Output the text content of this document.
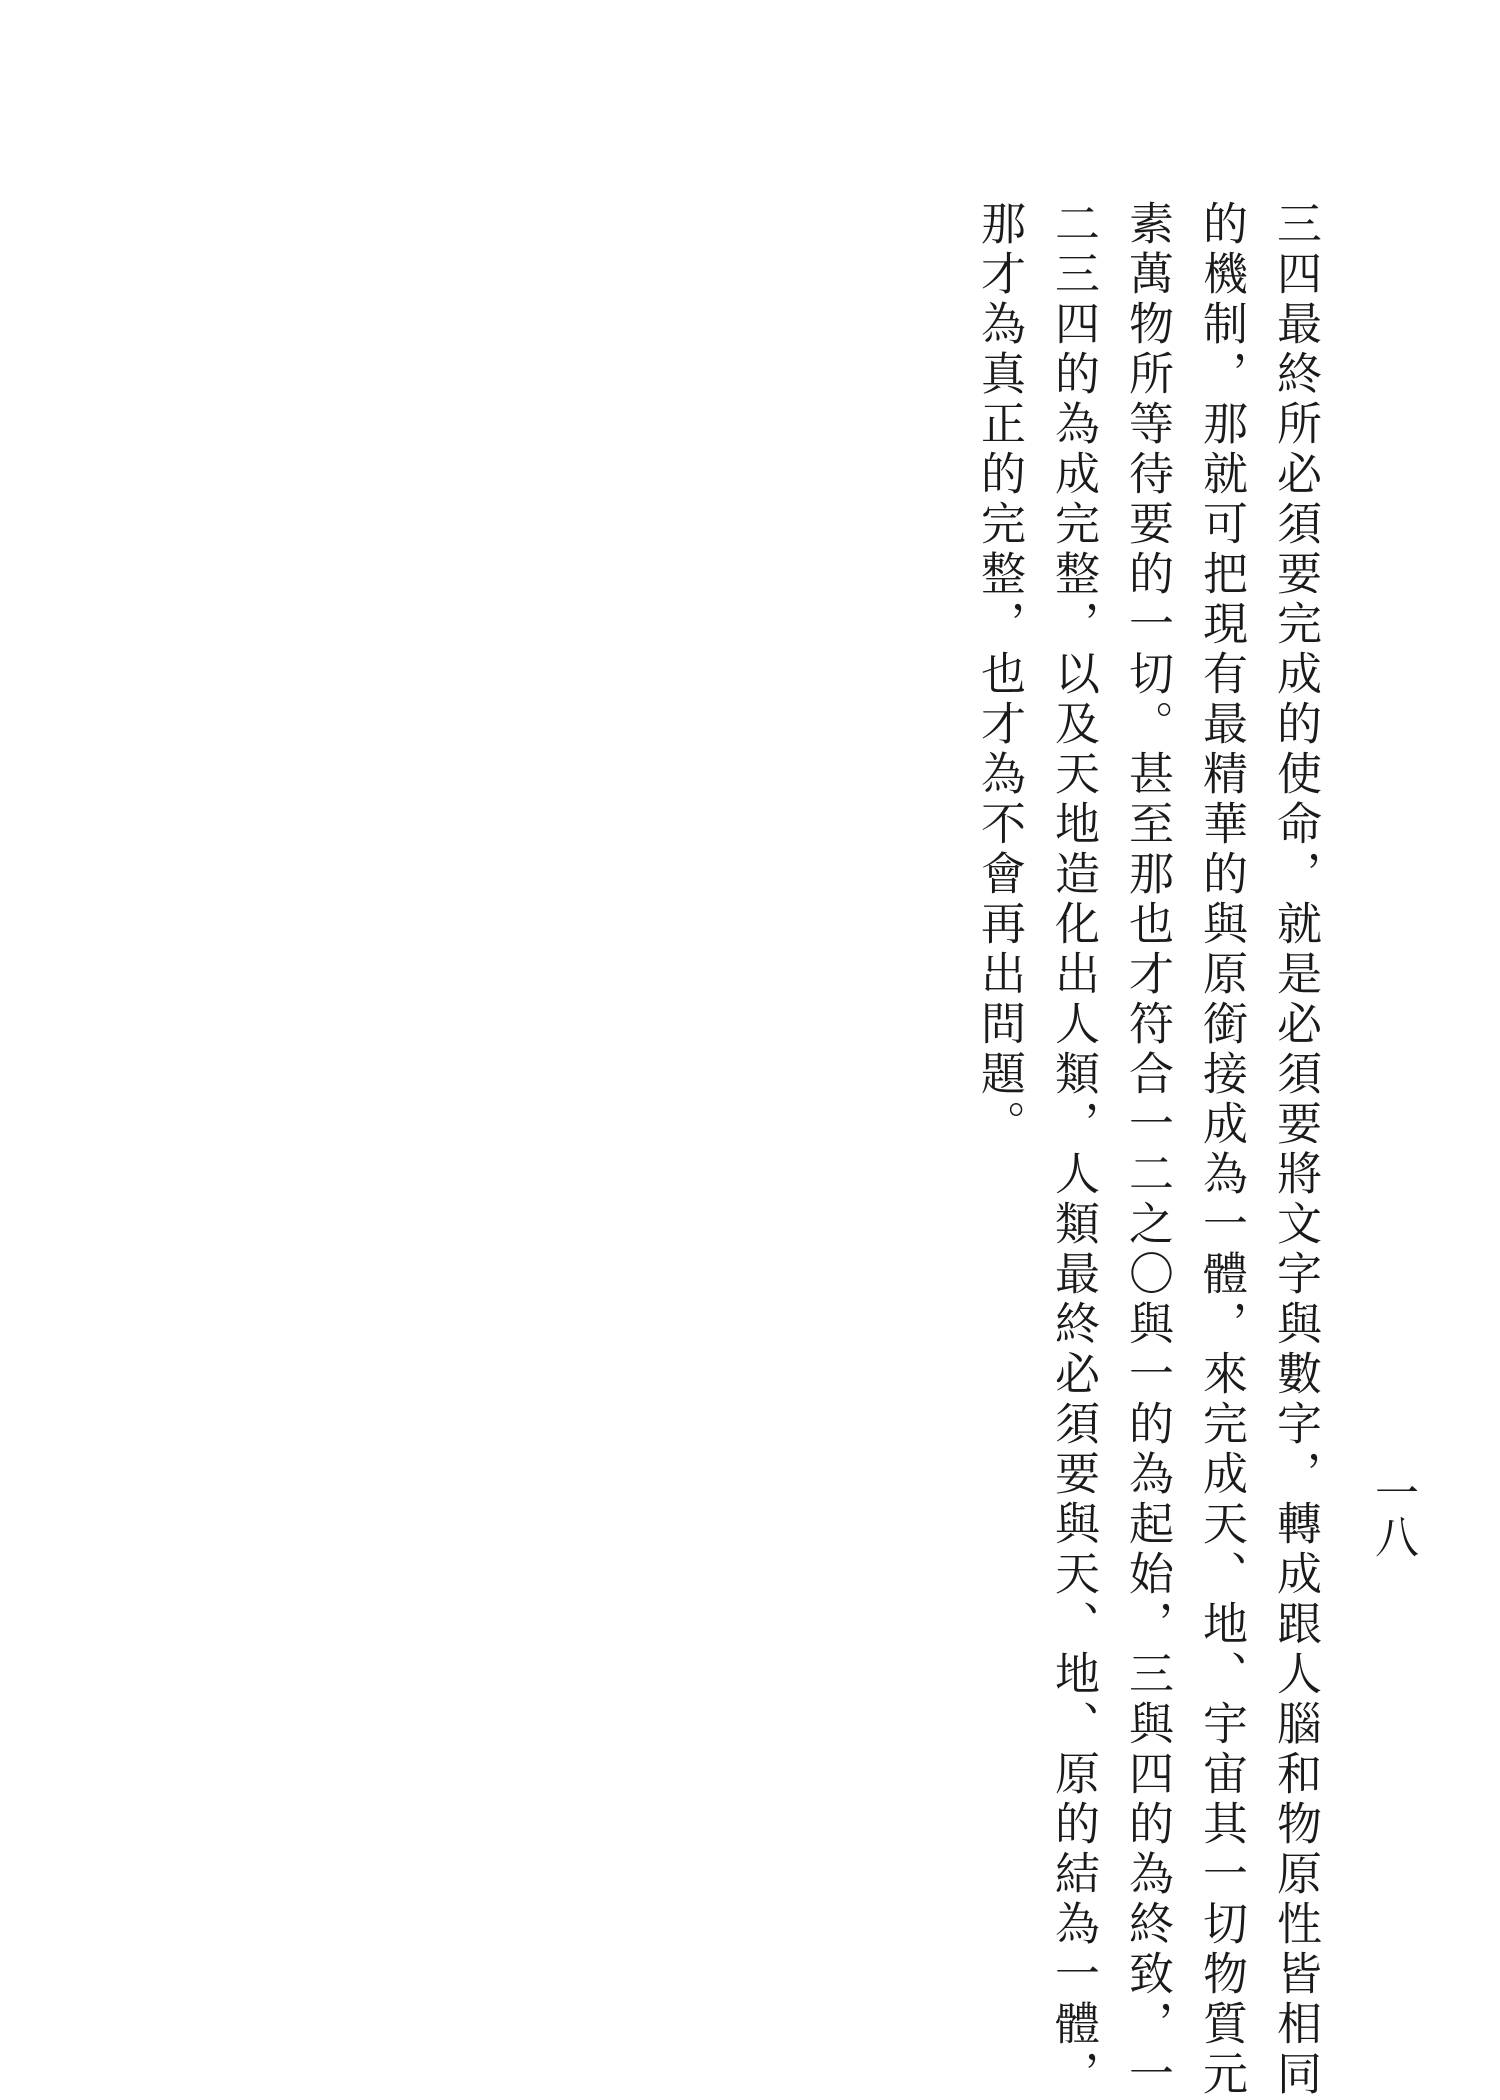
一八

三四最終所必須要完成的使命，就是必須要將文字與數字，轉成跟人腦和物原性皆相同

的機制，那就可把現有最精華的與原銜接成為一體，來完成天、地、宇宙其一切物質元

素萬物所等待要的一切。甚至那也才符合一二之〇與一的為起始，三與四的為終致，一

二三四的為成完整，以及天地造化出人類，人類最終必須要與天、地、原的結為一體，

那才為真正的完整，也才為不會再出問題。
